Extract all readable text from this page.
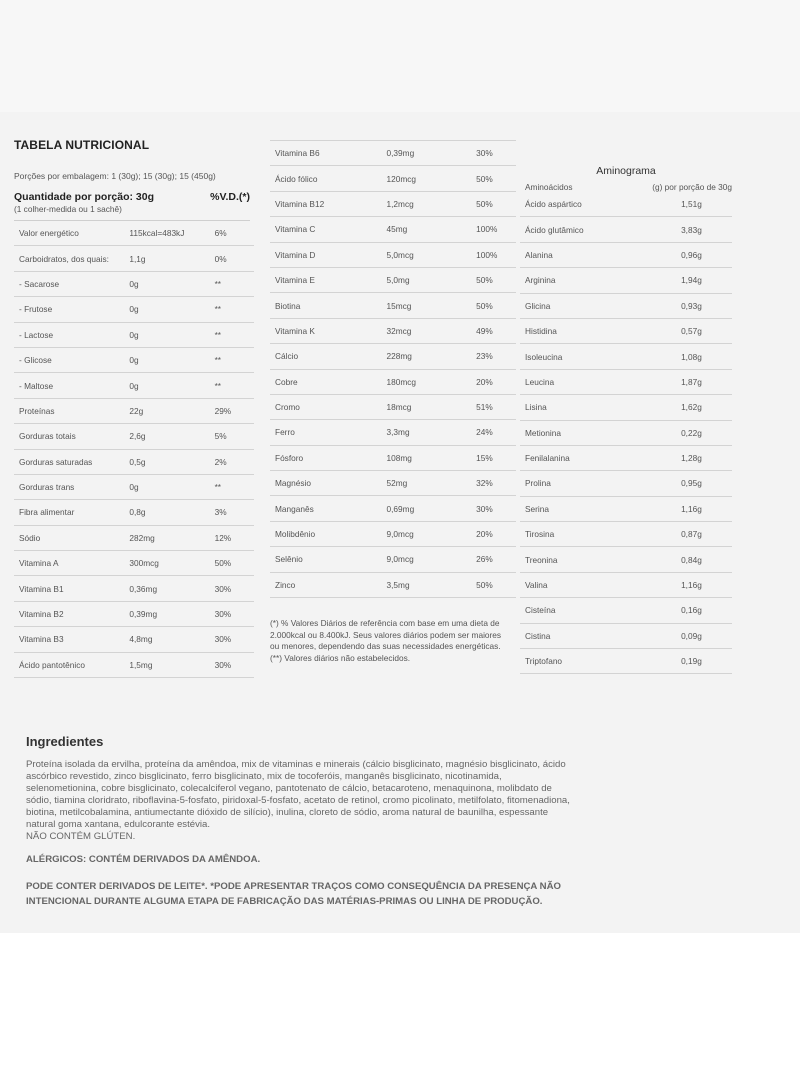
TABELA NUTRICIONAL
Porções por embalagem: 1 (30g); 15 (30g); 15 (450g)
Quantidade por porção: 30g	%V.D.(*)
(1 colher-medida ou 1 sachê)
Valor energético	115kcal=483kJ	6%
Carboidratos, dos quais:	1,1g	0%
- Sacarose	0g	**
- Frutose	0g	**
- Lactose	0g	**
- Glicose	0g	**
- Maltose	0g	**
Proteínas	22g	29%
Gorduras totais	2,6g	5%
Gorduras saturadas	0,5g	2%
Gorduras trans	0g	**
Fibra alimentar	0,8g	3%
Sódio	282mg	12%
Vitamina A	300mcg	50%
Vitamina B1	0,36mg	30%
Vitamina B2	0,39mg	30%
Vitamina B3	4,8mg	30%
Ácido pantotênico	1,5mg	30%
Vitamina B6	0,39mg	30%
Ácido fólico	120mcg	50%
Vitamina B12	1,2mcg	50%
Vitamina C	45mg	100%
Vitamina D	5,0mcg	100%
Vitamina E	5,0mg	50%
Biotina	15mcg	50%
Vitamina K	32mcg	49%
Cálcio	228mg	23%
Cobre	180mcg	20%
Cromo	18mcg	51%
Ferro	3,3mg	24%
Fósforo	108mg	15%
Magnésio	52mg	32%
Manganês	0,69mg	30%
Molibdênio	9,0mcg	20%
Selênio	9,0mcg	26%
Zinco	3,5mg	50%
(*) % Valores Diários de referência com base em uma dieta de 2.000kcal ou 8.400kJ. Seus valores diários podem ser maiores ou menores, dependendo das suas necessidades energéticas. (**) Valores diários não estabelecidos.
Aminograma
Aminoácidos	(g) por porção de 30g
Ácido aspártico	1,51g
Ácido glutâmico	3,83g
Alanina	0,96g
Arginina	1,94g
Glicina	0,93g
Histidina	0,57g
Isoleucina	1,08g
Leucina	1,87g
Lisina	1,62g
Metionina	0,22g
Fenilalanina	1,28g
Prolina	0,95g
Serina	1,16g
Tirosina	0,87g
Treonina	0,84g
Valina	1,16g
Cisteína	0,16g
Cistina	0,09g
Triptofano	0,19g
Ingredientes
Proteína isolada da ervilha, proteína da amêndoa, mix de vitaminas e minerais (cálcio bisglicinato, magnésio bisglicinato, ácido ascórbico revestido, zinco bisglicinato, ferro bisglicinato, mix de tocoferóis, manganês bisglicinato, nicotinamida, selenometionina, cobre bisglicinato, colecalciferol vegano, pantotenato de cálcio, betacaroteno, menaquinona, molibdato de sódio, tiamina cloridrato, riboflavina-5-fosfato, piridoxal-5-fosfato, acetato de retinol, cromo picolinato, metilfolato, fitomenadiona, biotina, metilcobalamina, antiumectante dióxido de silício), inulina, cloreto de sódio, aroma natural de baunilha, espessante natural goma xantana, edulcorante estévia.
NÃO CONTÉM GLÚTEN.
ALÉRGICOS: CONTÉM DERIVADOS DA AMÊNDOA.
PODE CONTER DERIVADOS DE LEITE*. *PODE APRESENTAR TRAÇOS COMO CONSEQUÊNCIA DA PRESENÇA NÃO INTENCIONAL DURANTE ALGUMA ETAPA DE FABRICAÇÃO DAS MATÉRIAS-PRIMAS OU LINHA DE PRODUÇÃO.
